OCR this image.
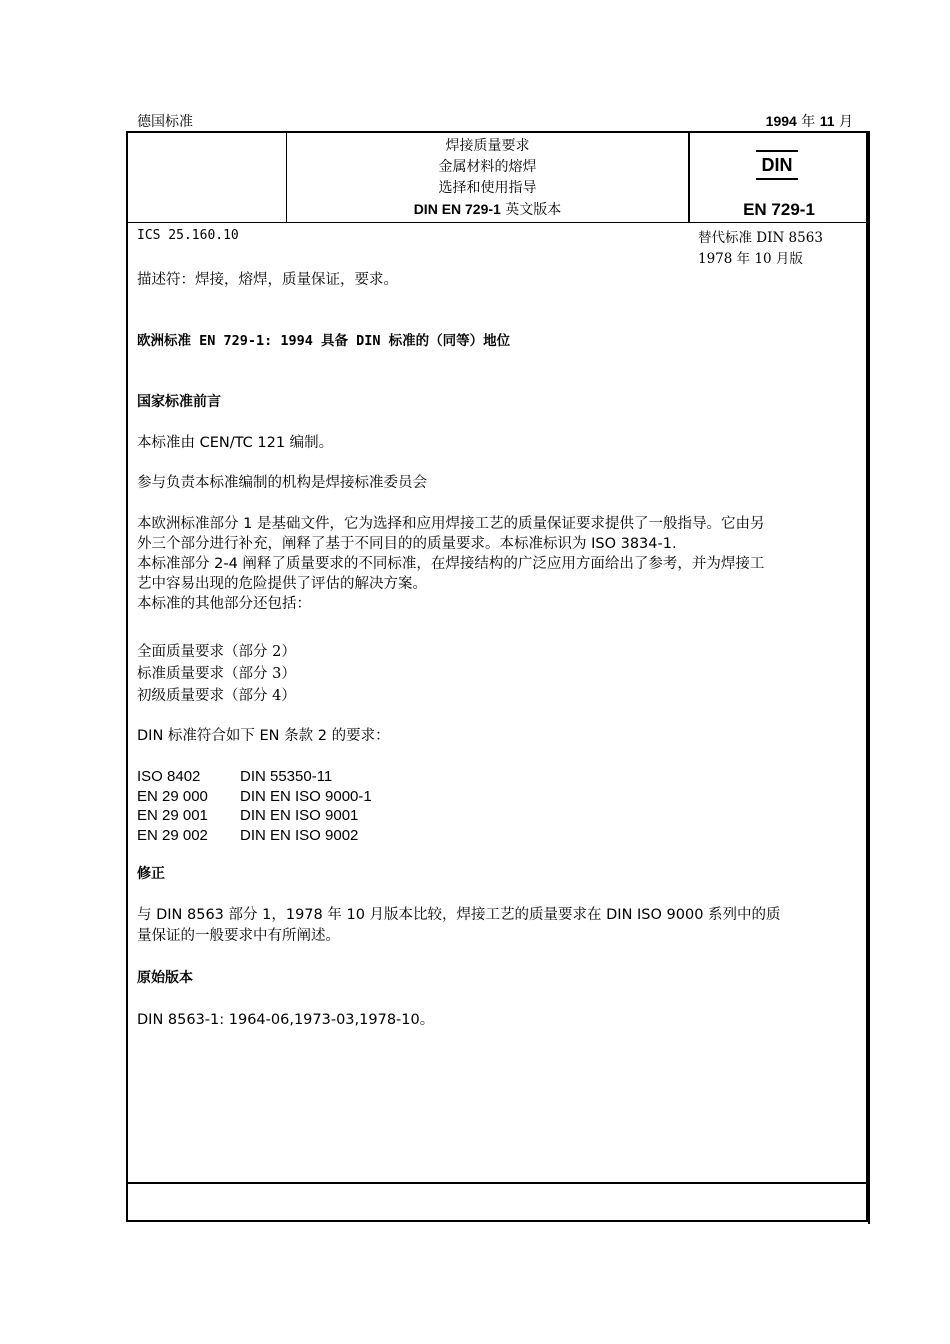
德国标准	1994 年 11 月
焊接质量要求
金属材料的熔焊
选择和使用指导
DIN EN 729-1 英文版本
DIN
EN 729-1
ICS 25.160.10	替代标准 DIN 8563
1978 年 10 月版
描述符：焊接，熔焊，质量保证，要求。
欧洲标准 EN 729-1: 1994 具备 DIN 标准的（同等）地位
国家标准前言
本标准由 CEN/TC 121 编制。
参与负责本标准编制的机构是焊接标准委员会
本欧洲标准部分 1 是基础文件，它为选择和应用焊接工艺的质量保证要求提供了一般指导。它由另
外三个部分进行补充，阐释了基于不同目的的质量要求。本标准标识为 ISO 3834-1.
本标准部分 2-4 阐释了质量要求的不同标准，在焊接结构的广泛应用方面给出了参考，并为焊接工
艺中容易出现的危险提供了评估的解决方案。
本标准的其他部分还包括：
全面质量要求（部分 2）
标准质量要求（部分 3）
初级质量要求（部分 4）
DIN 标准符合如下 EN 条款 2 的要求：
ISO 8402	DIN 55350-11
EN 29 000	DIN EN ISO 9000-1
EN 29 001	DIN EN ISO 9001
EN 29 002	DIN EN ISO 9002
修正
与 DIN 8563 部分 1，1978 年 10 月版本比较，焊接工艺的质量要求在 DIN ISO 9000 系列中的质
量保证的一般要求中有所阐述。
原始版本
DIN 8563-1: 1964-06,1973-03,1978-10。
